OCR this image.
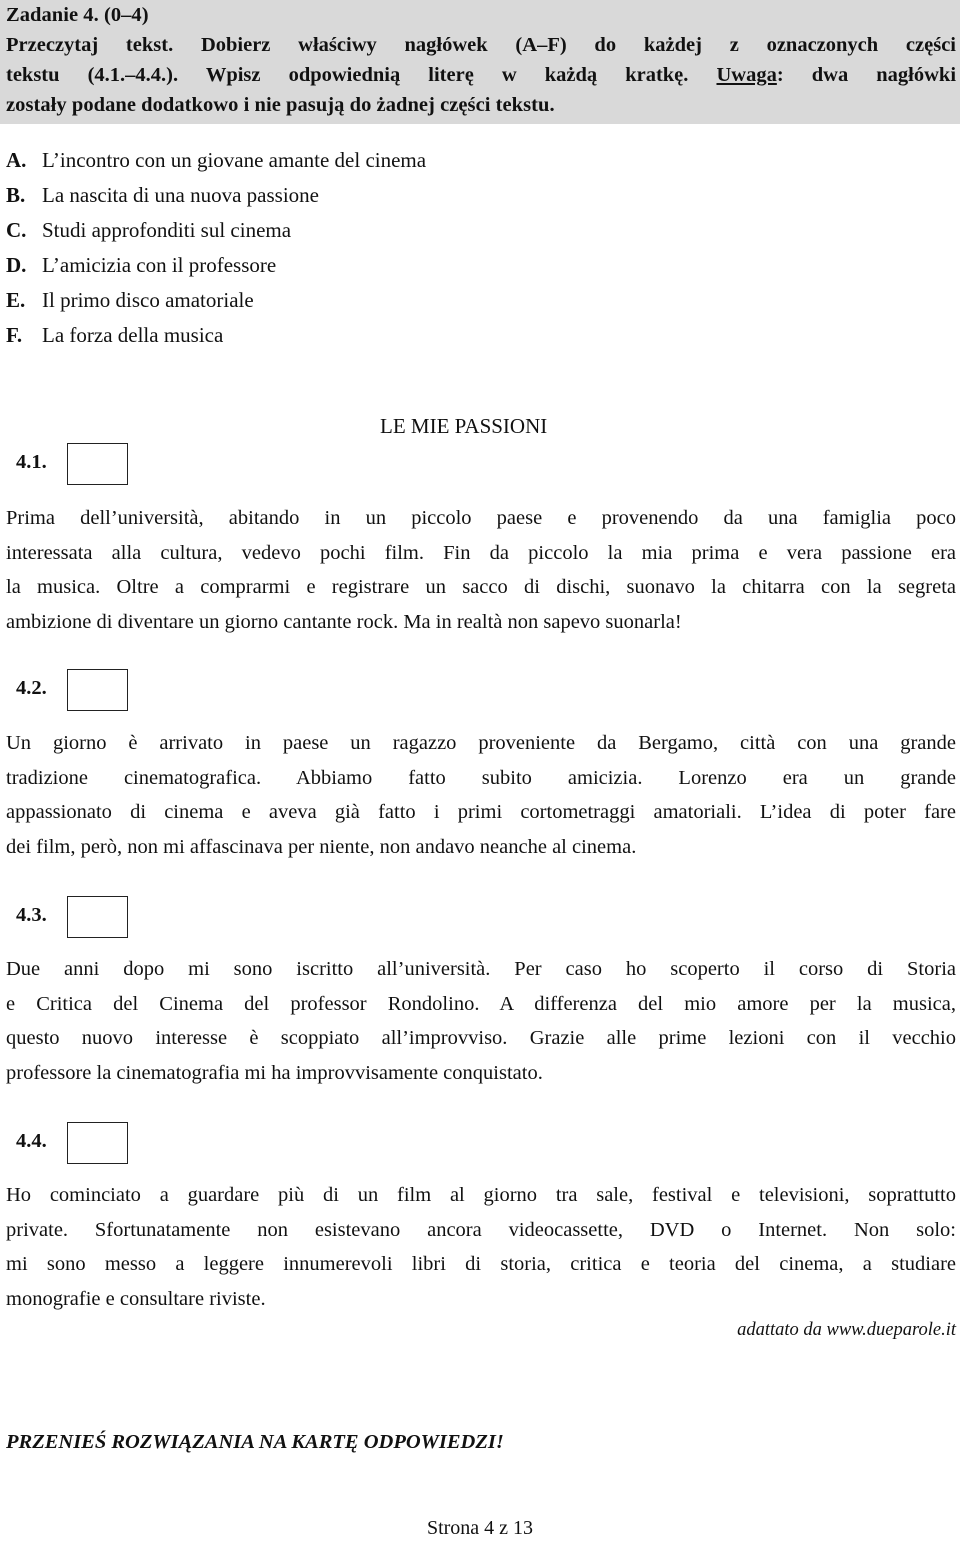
Zadanie 4. (0–4)
Przeczytaj tekst. Dobierz właściwy nagłówek (A–F) do każdej z oznaczonych części
tekstu (4.1.–4.4.). Wpisz odpowiednią literę w każdą kratkę. Uwaga: dwa nagłówki
zostały podane dodatkowo i nie pasują do żadnej części tekstu.
A. L’incontro con un giovane amante del cinema
B. La nascita di una nuova passione
C. Studi approfonditi sul cinema
D. L’amicizia con il professore
E. Il primo disco amatoriale
F. La forza della musica
LE MIE PASSIONI
4.1.
Prima dell’università, abitando in un piccolo paese e provenendo da una famiglia poco
interessata alla cultura, vedevo pochi film. Fin da piccolo la mia prima e vera passione era
la musica. Oltre a comprarmi e registrare un sacco di dischi, suonavo la chitarra con la segreta
ambizione di diventare un giorno cantante rock. Ma in realtà non sapevo suonarla!
4.2.
Un giorno è arrivato in paese un ragazzo proveniente da Bergamo, città con una grande
tradizione cinematografica. Abbiamo fatto subito amicizia. Lorenzo era un grande
appassionato di cinema e aveva già fatto i primi cortometraggi amatoriali. L’idea di poter fare
dei film, però, non mi affascinava per niente, non andavo neanche al cinema.
4.3.
Due anni dopo mi sono iscritto all’università. Per caso ho scoperto il corso di Storia
e Critica del Cinema del professor Rondolino. A differenza del mio amore per la musica,
questo nuovo interesse è scoppiato all’improvviso. Grazie alle prime lezioni con il vecchio
professore la cinematografia mi ha improvvisamente conquistato.
4.4.
Ho cominciato a guardare più di un film al giorno tra sale, festival e televisioni, soprattutto
private. Sfortunatamente non esistevano ancora videocassette, DVD o Internet. Non solo:
mi sono messo a leggere innumerevoli libri di storia, critica e teoria del cinema, a studiare
monografie e consultare riviste.
adattato da www.dueparole.it
PRZENIEŚ ROZWIĄZANIA NA KARTĘ ODPOWIEDZI!
Strona 4 z 13
